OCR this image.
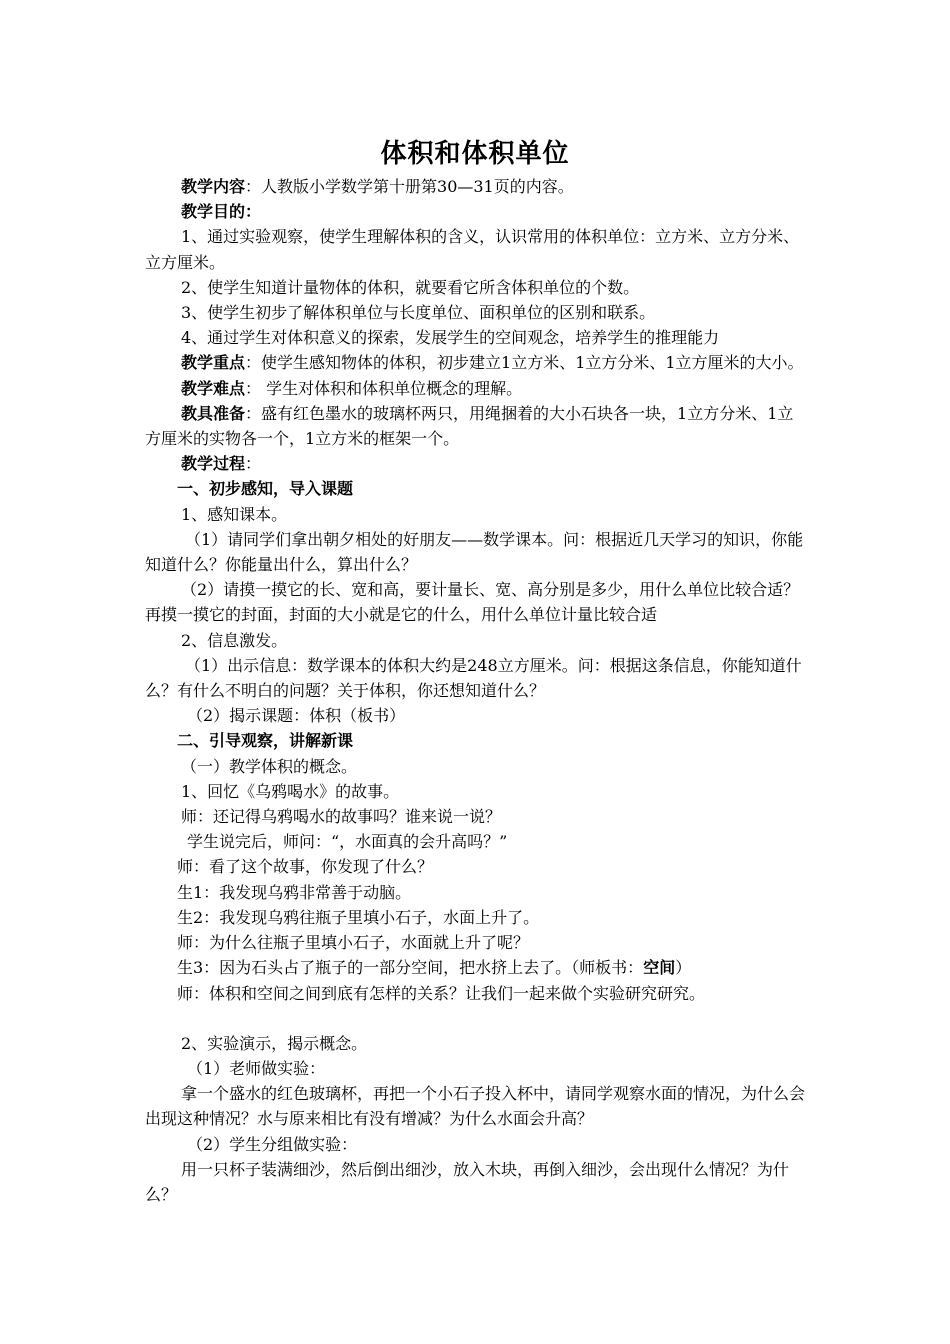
体积和体积单位

教学内容：人教版小学数学第十册第30—31页的内容。

教学目的：

1、通过实验观察，使学生理解体积的含义，认识常用的体积单位：立方米、立方分米、立方厘米。

2、使学生知道计量物体的体积，就要看它所含体积单位的个数。

3、使学生初步了解体积单位与长度单位、面积单位的区别和联系。

4、通过学生对体积意义的探索，发展学生的空间观念，培养学生的推理能力

教学重点：使学生感知物体的体积，初步建立1立方米、1立方分米、1立方厘米的大小。

教学难点： 学生对体积和体积单位概念的理解。

教具准备：盛有红色墨水的玻璃杯两只，用绳捆着的大小石块各一块，1立方分米、1立方厘米的实物各一个，1立方米的框架一个。

教学过程：

一、初步感知，导入课题

1、感知课本。

（1）请同学们拿出朝夕相处的好朋友——数学课本。问：根据近几天学习的知识，你能知道什么？你能量出什么，算出什么？

（2）请摸一摸它的长、宽和高，要计量长、宽、高分别是多少，用什么单位比较合适？再摸一摸它的封面，封面的大小就是它的什么，用什么单位计量比较合适

2、信息激发。

（1）出示信息：数学课本的体积大约是248立方厘米。问：根据这条信息，你能知道什么？有什么不明白的问题？关于体积，你还想知道什么？

（2）揭示课题：体积（板书）

二、引导观察，讲解新课

（一）教学体积的概念。

1、回忆《乌鸦喝水》的故事。

师：还记得乌鸦喝水的故事吗？谁来说一说？

学生说完后，师问：“，水面真的会升高吗？”

师：看了这个故事，你发现了什么？

生1：我发现乌鸦非常善于动脑。

生2：我发现乌鸦往瓶子里填小石子，水面上升了。

师：为什么往瓶子里填小石子，水面就上升了呢？

生3：因为石头占了瓶子的一部分空间，把水挤上去了。（师板书：空间）

师：体积和空间之间到底有怎样的关系？让我们一起来做个实验研究研究。

2、实验演示，揭示概念。

（1）老师做实验：

拿一个盛水的红色玻璃杯，再把一个小石子投入杯中，请同学观察水面的情况，为什么会出现这种情况？水与原来相比有没有增减？为什么水面会升高？

（2）学生分组做实验：

用一只杯子装满细沙，然后倒出细沙，放入木块，再倒入细沙，会出现什么情况？为什么？
